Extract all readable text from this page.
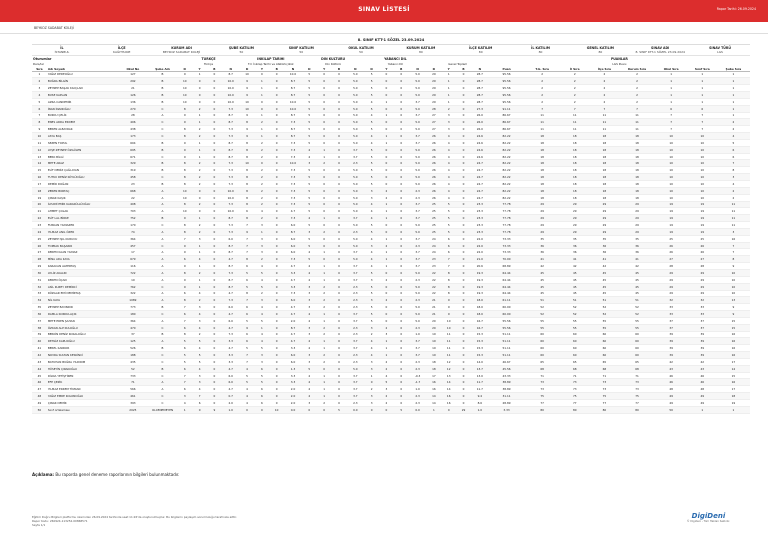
SINAV LİSTESİ	Rapor Tarihi: 26.09.2024
BEYKOZ SADABAT KOLEJİ
8. SINIF KTT-1 SÖZEL 23.09.2024
İL
İSTANBUL
İLÇE
KAĞITHANE
KURUM ADI
BEYKOZ SADABAT KOLEJİ
ŞUBE KATILIM
50
SINIF KATILIM
50
OKUL KATILIM
50
KURUM KATILIM
80
İLÇE KATILIM
80
İL KATILIM
80
GENEL KATILIM
80
SINAV ADI
8. SINIF KTT-1 SÖZEL 23.09.2024
SINAV TÜRÜ
LGS
Oturumlar	TÜRKÇE	İNKILAP TARİHİ	DİN KÜLTÜRÜ	YABANCI DİL	PUANLAR
Ders/ler	Türkçe	T.C İnkılap Tarihi ve Atatürkçülük	Din Kültürü	Yabancı Dil	Genel Toplam	LGS Puanı
Sıra	Adı Soyadı	Okul No	Şube Adı	D	Y	B	N	D	Y	B	N	D	Y	B	N	D	Y	B	N	D	Y	B	N	Puan	T.G. Sıra	İl Sıra	İlçe Sıra	Kurum Sıra	Okul Sıra	Sınıf Sıra	Şube Sıra
1	YAĞIZ DEDEOĞLU	127	B	9	1	0	8.7	10	0	0	10.0	5	0	0	5.0	5	0	0	5.0	29	1	0	28.7	95.56	2	2	2	2	1	1	1
2	BUĞRA BİLGİN	292	B	10	0	0	10.0	9	1	0	8.7	5	0	0	5.0	5	0	0	5.0	29	1	0	28.7	95.56	2	2	2	2	1	1	1
3	ZEYNEP BAŞAK KILIÇLAN	21	B	10	0	0	10.0	9	1	0	8.7	5	0	0	5.0	5	0	0	5.0	29	1	0	28.7	95.56	2	2	2	2	1	1	1
4	BUSE KAPLAN	126	B	10	0	0	10.0	9	1	0	8.7	5	0	0	5.0	5	0	0	5.0	29	1	0	28.7	95.56	2	2	2	2	1	1	1
5	AZRA CANDEMİR	136	B	10	0	0	10.0	10	0	0	10.0	5	0	0	5.0	4	1	0	3.7	29	1	0	28.7	95.56	2	2	2	2	1	1	1
6	İNAN İNANOĞLU	270	C	8	2	0	7.3	10	0	0	10.0	5	0	0	5.0	5	0	0	5.0	28	2	0	27.3	91.11	7	7	7	7	6	6	1
7	BURCU ÇELİK	28	A	9	1	0	8.7	9	1	0	8.7	5	0	0	5.0	4	1	0	3.7	27	3	0	26.0	86.67	11	11	11	11	7	7	1
8	ENES ARDA ERDEM	406	C	9	1	0	8.7	8	2	0	7.3	5	0	0	5.0	5	0	0	5.0	27	3	0	26.0	86.67	11	11	11	11	7	7	2
9	BEREN ALBAYRAK	438	C	8	2	0	7.3	9	1	0	8.7	5	0	0	5.0	5	0	0	5.0	27	3	0	26.0	86.67	11	11	11	11	7	7	2
10	ASYA BAŞ	173	C	8	2	0	7.3	9	1	0	8.7	5	0	0	5.0	4	1	0	3.7	26	4	0	24.6	82.22	18	18	18	18	10	10	4
11	SEZEN TOPUL	604	B	9	1	0	8.7	8	2	0	7.3	5	0	0	5.0	4	1	0	3.7	26	4	0	24.6	82.22	18	18	18	18	10	10	5
12	AYŞE ZEYNEP ÖZGÜLEN	695	B	9	1	0	8.7	8	2	0	7.3	4	1	0	3.7	5	0	0	5.0	26	4	0	24.6	82.22	18	18	18	18	10	10	6
13	BERK BİLGİ	671	C	9	1	0	8.7	8	2	0	7.3	4	1	0	3.7	5	0	0	5.0	26	4	0	24.6	82.22	18	18	18	18	10	10	6
14	METE ARAZ	329	B	8	2	0	7.3	10	0	0	10.0	3	2	0	2.3	5	0	0	5.0	26	4	0	24.7	82.22	18	18	18	18	10	10	7
15	ELİF DENİZ ÇAĞLAYAN	319	B	8	2	0	7.3	8	2	0	7.3	5	0	0	5.0	5	0	0	5.0	26	4	0	24.7	82.22	18	18	18	18	10	10	8
16	TUTKU DENİZ KÖYLÜOĞLU	458	C	8	2	0	7.3	8	2	0	7.3	5	0	0	5.0	5	0	0	5.0	26	4	0	24.7	82.22	18	18	18	18	10	10	3
17	DEMİR DOĞAN	23	B	8	2	0	7.3	8	2	0	7.3	5	0	0	5.0	5	0	0	5.0	26	4	0	24.7	82.22	18	18	18	18	10	10	4
18	ZEREN BORTAÇ	668	A	10	0	0	10.0	8	2	0	7.3	5	0	0	5.0	3	2	0	2.3	26	4	0	24.7	82.22	18	18	18	18	10	10	2
19	ÇINAR KAŞIK	22	A	10	0	0	10.0	8	2	0	7.3	5	0	0	5.0	3	2	0	2.3	26	4	0	24.7	82.22	18	18	18	18	10	10	2
20	İLHAMİ EMİR KARAKÜLLÜOĞLU	408	A	8	2	0	7.3	8	2	0	7.3	5	0	0	5.0	4	1	0	3.7	25	5	0	23.3	77.78	29	29	29	29	19	19	11
21	AHMET ÇOLAK	703	A	10	0	0	10.0	6	4	0	4.7	5	0	0	5.0	4	1	0	3.7	25	5	0	23.3	77.78	29	29	29	29	19	19	11
22	ELİF LAL BİRKE	752	B	9	1	0	8.7	8	2	0	7.3	4	1	0	3.7	4	1	0	3.7	25	5	0	23.3	77.78	29	29	29	29	19	19	11
23	FURKAN YILMAZER	170	C	8	2	0	7.3	7	3	0	6.0	5	0	0	5.0	5	0	0	5.0	25	5	0	23.3	77.78	29	29	29	29	19	19	11
24	YILMAZ ANIL ÖZER	74	A	8	2	0	7.3	9	1	0	8.7	3	2	0	2.3	5	0	0	5.0	25	5	0	23.3	77.78	29	29	29	29	19	19	3
25	ZEYNEP IŞIL KURUCU	364	A	7	3	0	6.0	7	3	0	6.0	5	0	0	5.0	4	1	0	3.7	24	6	0	22.0	73.33	35	35	35	35	25	25	16
26	TOPRAK BAŞARIR	457	C	9	1	0	8.7	7	3	0	6.0	5	0	0	5.0	3	2	0	2.3	24	6	0	22.0	73.33	36	36	36	36	26	26	7
27	KEREM KAAN YILMAZ	17	A	9	1	0	8.7	7	3	0	6.0	4	1	0	3.7	4	1	0	3.7	24	6	0	22.0	73.33	36	36	36	36	26	26	7
28	MİNA ADA KAYA	679	A	6	4	0	4.7	8	2	0	7.3	5	0	0	5.0	4	1	0	3.7	23	7	0	21.0	70.00	41	41	41	41	27	27	8
29	KARACAN ALPERTAŞ	116	A	9	1	0	8.7	6	4	0	4.7	4	1	0	3.7	4	1	0	3.7	23	7	0	20.6	68.89	42	42	42	42	28	28	9
30	AYLİZ AKALIN	722	A	8	2	0	7.3	5	5	0	3.3	4	1	0	3.7	5	0	0	5.0	22	8	0	19.3	64.44	45	45	45	45	29	29	10
31	KEREM ÖÇAN	19	A	9	1	0	8.7	6	4	0	4.7	4	1	0	3.7	3	2	0	2.3	22	8	0	19.3	64.44	45	45	45	45	29	29	10
32	ASİL KUZEY DEMİRCİ	762	C	9	1	0	8.7	5	5	0	3.3	3	2	0	2.3	5	0	0	5.0	22	8	0	19.3	64.44	45	45	45	45	29	29	10
33	RÜZGAR EMİ DEMİRTAŞ	322	A	6	4	0	4.7	8	2	0	7.3	3	2	0	2.3	5	0	0	5.0	22	8	0	19.3	64.44	45	45	45	45	29	29	10
34	NİL KAYA	1089	A	8	2	0	7.3	7	3	0	6.0	3	2	0	2.3	3	2	0	2.3	21	9	0	18.0	61.11	51	51	51	51	32	32	13
35	ZEYNEP BAYINDIR	773	B	7	3	0	6.0	6	4	0	4.7	3	2	0	2.3	5	0	0	5.0	21	9	0	18.0	60.00	52	52	52	52	33	33	9
36	DAMLA KORKULAÇIK	180	C	6	4	0	4.7	6	4	0	4.7	4	1	0	3.7	5	0	0	5.0	21	9	0	18.0	60.00	52	52	52	52	33	33	9
37	METE EREN ŞAHAN	364	A	7	3	0	6.0	5	5	0	2.0	4	1	0	3.7	5	0	0	5.0	20	10	0	16.7	55.56	55	55	55	55	37	37	15
38	ÖZKAN ALP KULOĞLU	470	C	6	4	0	4.7	9	1	0	8.7	3	2	0	2.3	3	2	0	2.3	20	10	0	16.7	55.56	55	55	55	55	37	37	15
39	BERKİN DENİZ KOKALOĞLU	37	B	8	2	0	7.3	6	4	0	4.7	3	2	0	2.3	2	3	0	1.0	19	11	0	15.3	51.11	60	60	60	60	39	39	16
40	DEHLİZ KAPLIOĞLU	125	A	5	5	0	3.3	6	4	0	4.7	4	1	0	3.7	4	1	0	3.7	19	11	0	15.3	51.11	60	60	60	60	39	39	16
41	BEREL KANKOR	526	B	6	4	0	4.7	5	5	0	3.3	4	1	0	3.7	4	1	0	3.7	19	11	0	15.3	51.11	60	60	60	60	39	39	16
42	NOVRA SULTAN KESKİNCİ	188	C	5	5	0	3.3	7	3	0	6.0	3	2	0	2.3	4	1	0	3.7	19	11	0	15.3	51.11	60	60	60	60	39	39	16
43	BATUHAN BUĞRA YILDIRIM	435	C	5	5	0	3.3	7	3	0	6.0	3	2	0	2.3	3	2	0	2.3	18	12	0	14.0	46.67	65	65	65	65	42	42	17
44	HÜSEYİN ÇIRAKOĞLU	52	B	6	4	0	4.7	4	6	0	1.3	5	0	0	5.0	3	2	0	2.3	18	12	0	13.7	45.56	68	68	68	68	43	43	14
45	DİLNA YETİŞTİREN	733	C	7	3	0	6.0	5	5	0	3.3	4	1	0	3.7	1	4	0	-0.3	17	13	0	13.0	43.33	71	71	71	71	46	46	15
46	EFE ÇEZİK	71	A	7	3	0	6.0	5	5	0	3.3	4	1	0	3.7	0	5	0	-1.7	16	14	0	11.7	38.89	73	73	73	73	46	46	16
47	YILMAZ EKREM TİKMAN	566	A	6	4	0	4.7	4	6	0	2.0	4	1	0	3.7	2	3	0	1.0	16	14	0	11.7	38.89	73	73	73	73	48	48	17
48	YAĞIZ EMRE KOLONOĞLU	461	C	3	7	0	0.7	4	6	0	2.0	4	1	0	3.7	3	2	0	2.3	14	16	0	9.4	31.11	75	75	75	75	49	49	18
49	ÇINAR DEMİR	393	C	4	6	0	2.0	4	6	0	2.0	3	2	0	2.3	3	2	0	2.3	14	16	0	8.6	28.89	77	77	77	77	49	49	19
50	Sınıf ortalaması	2025	OLCENEMEYEN	1	0	9	1.0	0	0	10	0.0	0	0	5	0.0	0	0	5	0.0	1	0	29	1.0	3.33	80	80	80	80	50	1	1
Açıklama: Bu raporda genel deneme raporlarının bilgileri bulunmaktadır.
Eğitim Doğru Bilgileri platformu üzerinden 26.09.2024 tarihinde saat 11:26'da oluşturulmuştur. Bu bilgilerin paylaşım sorumluluğu tarafınıza aittir.
Rapor Kodu: 260924-113252-00868571
Sayfa 1/1
DigiDeni
© Digideni - Tüm Hakları Saklıdır.
